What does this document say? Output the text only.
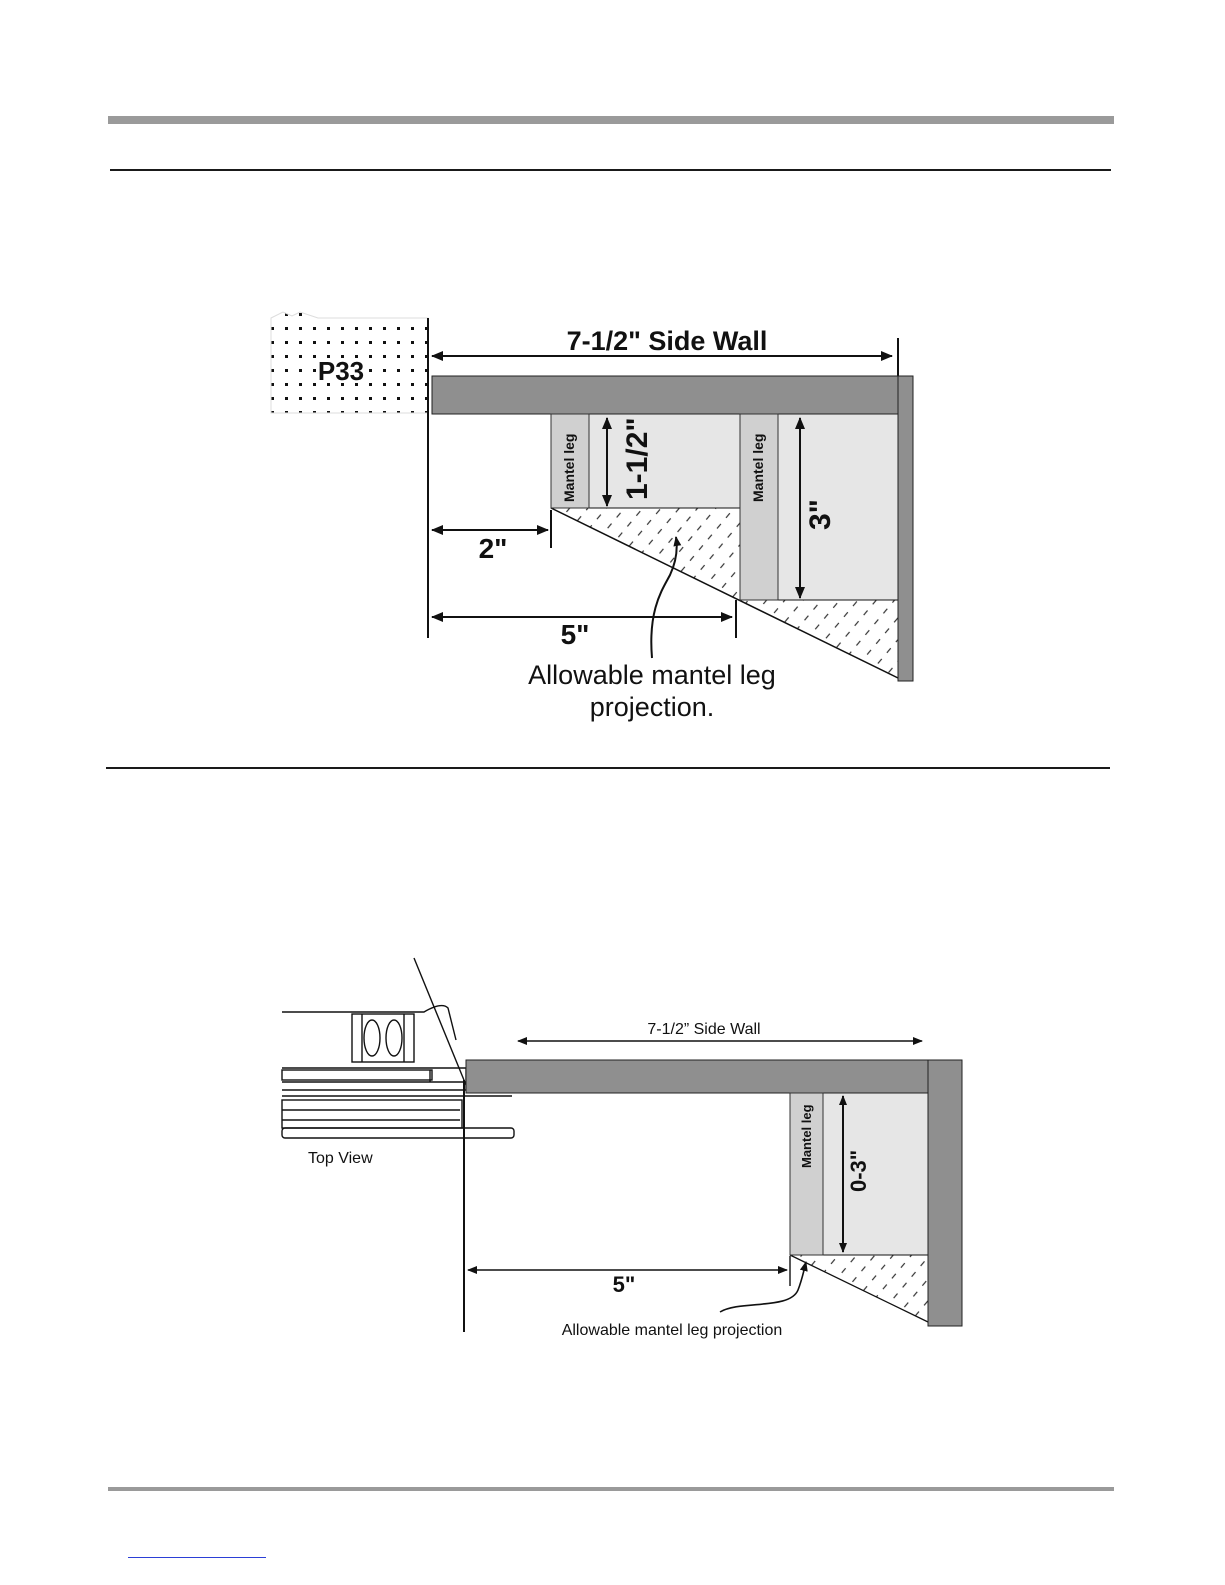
P33
7-1/2" Side Wall
Mantel leg	Mantel leg
1-1/2"
3"
2"
5"
Allowable mantel leg
projection.
Top View
7-1/2” Side Wall
Mantel leg
0-3"
5"
Allowable mantel leg projection
